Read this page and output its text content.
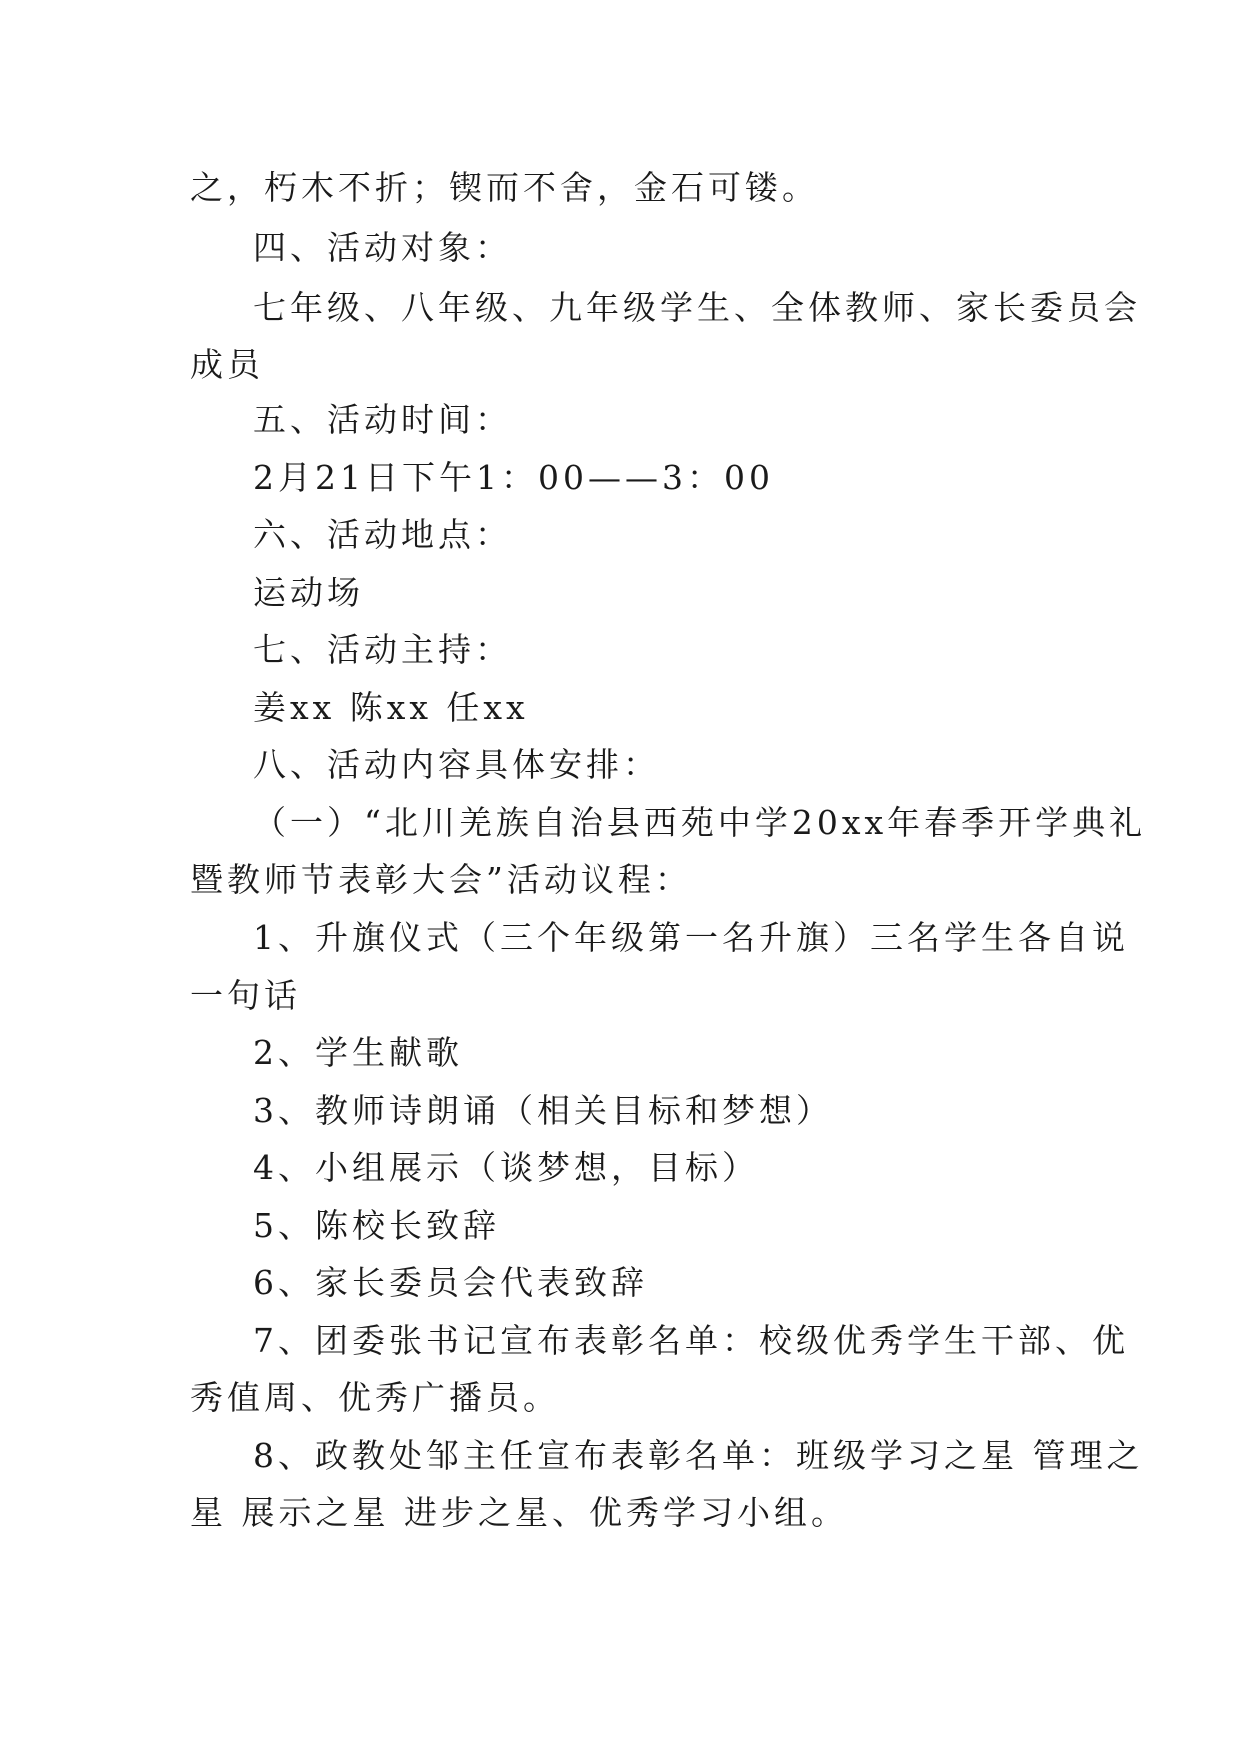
之，朽木不折；锲而不舍，金石可镂。
四、活动对象：
七年级、八年级、九年级学生、全体教师、家长委员会
成员
五、活动时间：
2月21日下午1：00——3：00
六、活动地点：
运动场
七、活动主持：
姜xx 陈xx 任xx
八、活动内容具体安排：
（一）“北川羌族自治县西苑中学20xx年春季开学典礼
暨教师节表彰大会”活动议程：
1、升旗仪式（三个年级第一名升旗）三名学生各自说
一句话
2、学生献歌
3、教师诗朗诵（相关目标和梦想）
4、小组展示（谈梦想，目标）
5、陈校长致辞
6、家长委员会代表致辞
7、团委张书记宣布表彰名单：校级优秀学生干部、优
秀值周、优秀广播员。
8、政教处邹主任宣布表彰名单：班级学习之星 管理之
星 展示之星 进步之星、优秀学习小组。
